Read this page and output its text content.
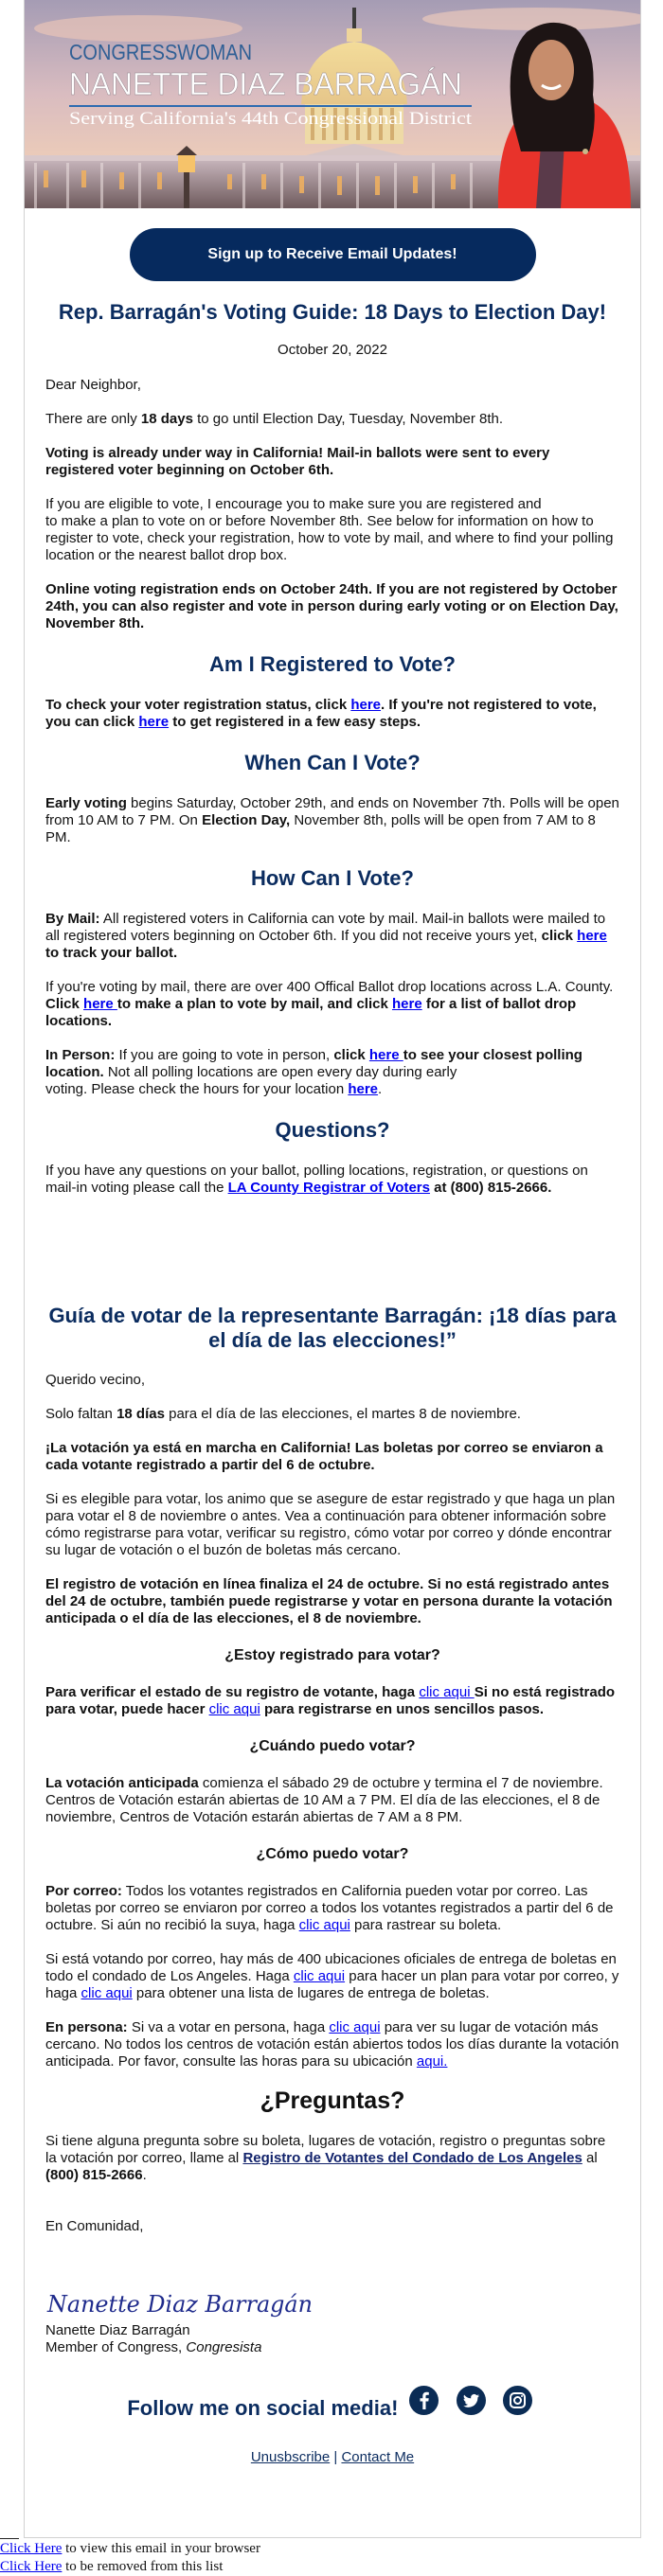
CONGRESSWOMAN
NANETTE DIAZ BARRAGÁN
Serving California's 44th Congressional District
Sign up to Receive Email Updates!
Rep. Barragán's Voting Guide: 18 Days to Election Day!
October 20, 2022

Dear Neighbor,

There are only 18 days to go until Election Day, Tuesday, November 8th.

Voting is already under way in California! Mail-in ballots were sent to every registered voter beginning on October 6th.

If you are eligible to vote, I encourage you to make sure you are registered and
to make a plan to vote on or before November 8th. See below for information on how to register to vote, check your registration, how to vote by mail, and where to find your polling location or the nearest ballot drop box.

Online voting registration ends on October 24th. If you are not registered by October 24th, you can also register and vote in person during early voting or on Election Day, November 8th.

Am I Registered to Vote?

To check your voter registration status, click here. If you're not registered to vote, you can click here to get registered in a few easy steps.

When Can I Vote?

Early voting begins Saturday, October 29th, and ends on November 7th. Polls will be open from 10 AM to 7 PM. On Election Day, November 8th, polls will be open from 7 AM to 8 PM.

How Can I Vote?

By Mail: All registered voters in California can vote by mail. Mail-in ballots were mailed to all registered voters beginning on October 6th. If you did not receive yours yet, click here to track your ballot.

If you're voting by mail, there are over 400 Offical Ballot drop locations across L.A. County. Click here to make a plan to vote by mail, and click here for a list of ballot drop locations.

In Person: If you are going to vote in person, click here to see your closest polling location. Not all polling locations are open every day during early
voting. Please check the hours for your location here.

Questions?

If you have any questions on your ballot, polling locations, registration, or questions on mail-in voting please call the LA County Registrar of Voters at (800) 815-2666.

Guía de votar de la representante Barragán: ¡18 días para el día de las elecciones!”

Querido vecino,

Solo faltan 18 días para el día de las elecciones, el martes 8 de noviembre.

¡La votación ya está en marcha en California! Las boletas por correo se enviaron a cada votante registrado a partir del 6 de octubre.

Si es elegible para votar, los animo que se asegure de estar registrado y que haga un plan para votar el 8 de noviembre o antes. Vea a continuación para obtener información sobre cómo registrarse para votar, verificar su registro, cómo votar por correo y dónde encontrar su lugar de votación o el buzón de boletas más cercano.

El registro de votación en línea finaliza el 24 de octubre. Si no está registrado antes del 24 de octubre, también puede registrarse y votar en persona durante la votación anticipada o el día de las elecciones, el 8 de noviembre.

¿Estoy registrado para votar?

Para verificar el estado de su registro de votante, haga clic aqui Si no está registrado para votar, puede hacer clic aqui para registrarse en unos sencillos pasos.

¿Cuándo puedo votar?

La votación anticipada comienza el sábado 29 de octubre y termina el 7 de noviembre. Centros de Votación estarán abiertas de 10 AM a 7 PM. El día de las elecciones, el 8 de noviembre, Centros de Votación estarán abiertas de 7 AM a 8 PM.

¿Cómo puedo votar?

Por correo: Todos los votantes registrados en California pueden votar por correo. Las boletas por correo se enviaron por correo a todos los votantes registrados a partir del 6 de octubre. Si aún no recibió la suya, haga clic aqui para rastrear su boleta.

Si está votando por correo, hay más de 400 ubicaciones oficiales de entrega de boletas en todo el condado de Los Angeles. Haga clic aqui para hacer un plan para votar por correo, y haga clic aqui para obtener una lista de lugares de entrega de boletas.

En persona: Si va a votar en persona, haga clic aqui para ver su lugar de votación más cercano. No todos los centros de votación están abiertos todos los días durante la votación anticipada. Por favor, consulte las horas para su ubicación aqui.

¿Preguntas?

Si tiene alguna pregunta sobre su boleta, lugares de votación, registro o preguntas sobre la votación por correo, llame al Registro de Votantes del Condado de Los Angeles al (800) 815-2666.

En Comunidad,

Nanette Diaz Barragán
Nanette Diaz Barragán
Member of Congress, Congresista
Follow me on social media!

Unusbscribe | Contact Me
Click Here to view this email in your browser
Click Here to be removed from this list
